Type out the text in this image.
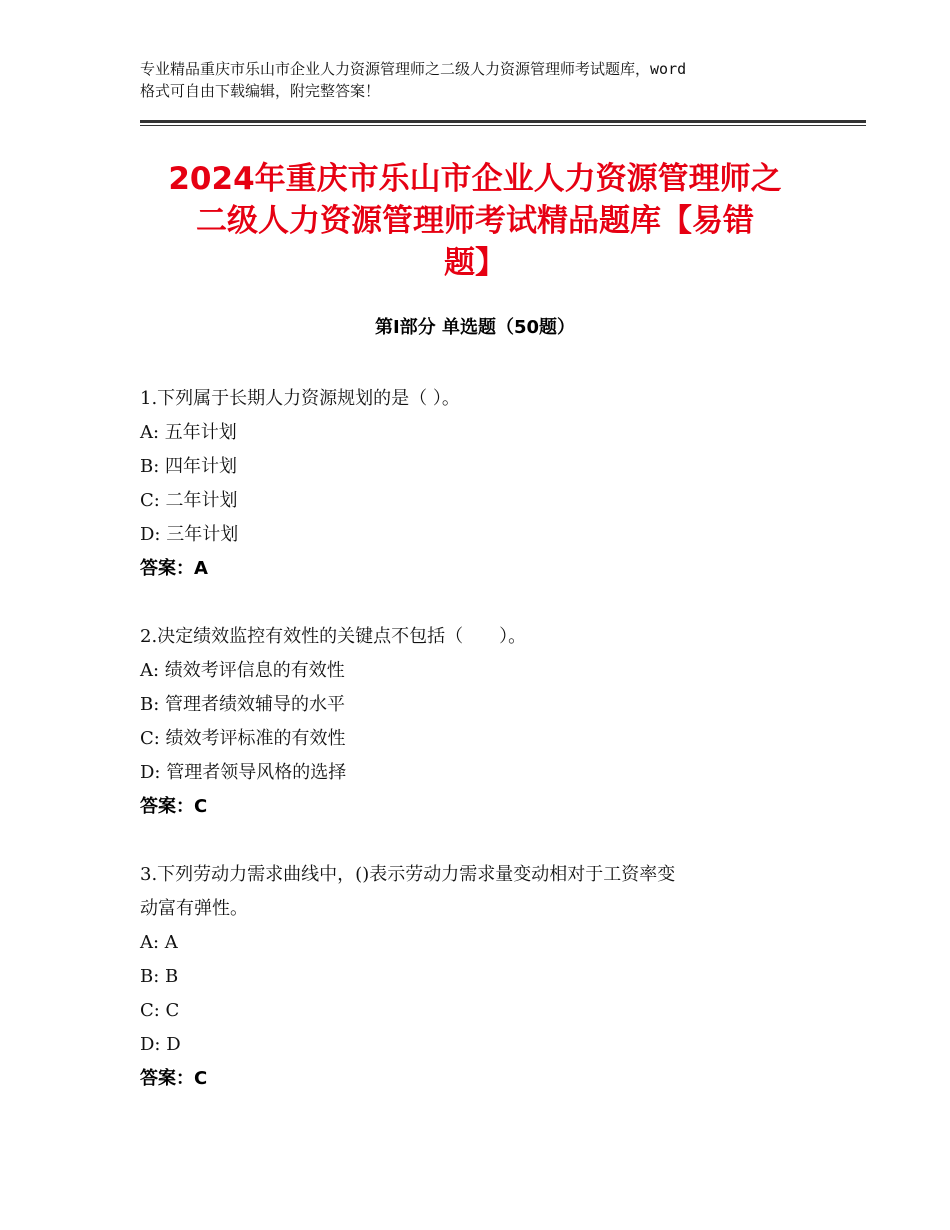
专业精品重庆市乐山市企业人力资源管理师之二级人力资源管理师考试题库，word
格式可自由下载编辑，附完整答案！
2024年重庆市乐山市企业人力资源管理师之
二级人力资源管理师考试精品题库【易错
题】
第Ⅰ部分 单选题（50题）
1.下列属于长期人力资源规划的是（ ）。
A: 五年计划
B: 四年计划
C: 二年计划
D: 三年计划
答案：A
2.决定绩效监控有效性的关键点不包括（　　）。
A: 绩效考评信息的有效性
B: 管理者绩效辅导的水平
C: 绩效考评标准的有效性
D: 管理者领导风格的选择
答案：C
3.下列劳动力需求曲线中，()表示劳动力需求量变动相对于工资率变
动富有弹性。
A: A
B: B
C: C
D: D
答案：C
